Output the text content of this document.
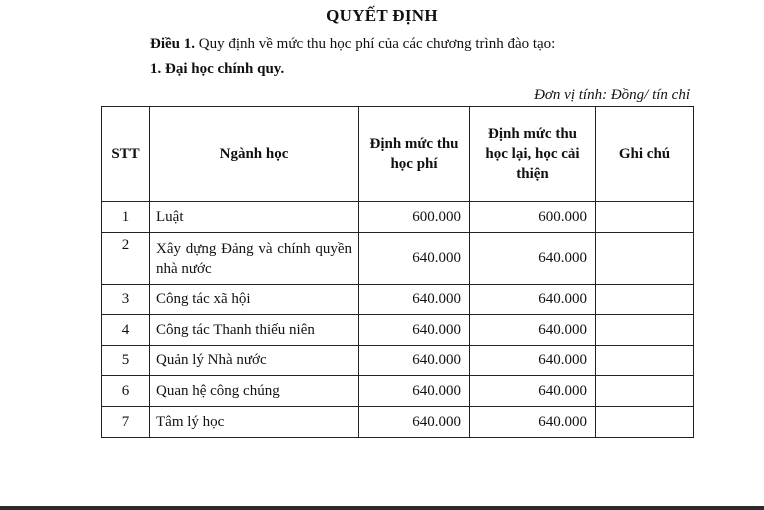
QUYẾT ĐỊNH
Điều 1. Quy định về mức thu học phí của các chương trình đào tạo:
1. Đại học chính quy.
Đơn vị tính: Đồng/ tín chỉ
STT	Ngành học	Định mức thu học phí	Định mức thu học lại, học cải thiện	Ghi chú
1	Luật	600.000	600.000	
2	Xây dựng Đảng và chính quyền nhà nước	640.000	640.000	
3	Công tác xã hội	640.000	640.000	
4	Công tác Thanh thiếu niên	640.000	640.000	
5	Quản lý Nhà nước	640.000	640.000	
6	Quan hệ công chúng	640.000	640.000	
7	Tâm lý học	640.000	640.000	
